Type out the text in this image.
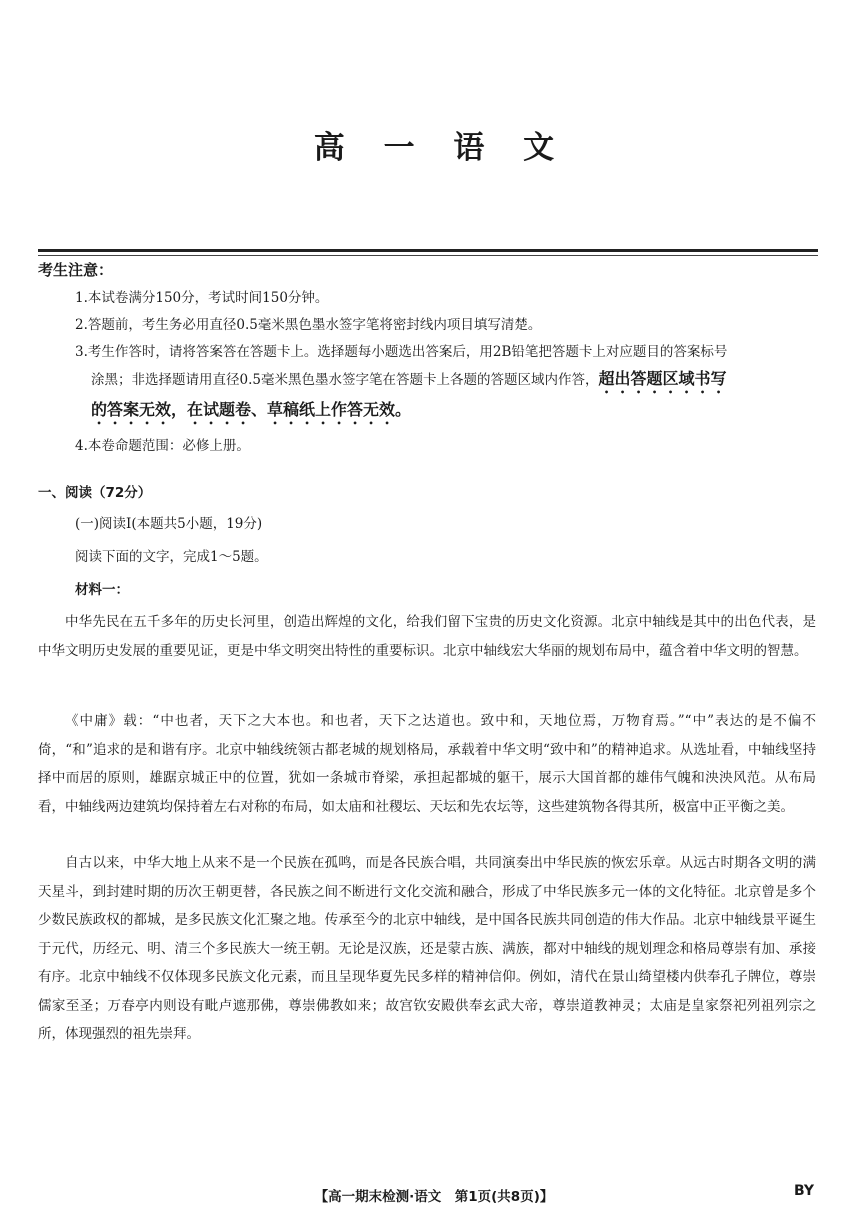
高 一 语 文
考生注意：
1.本试卷满分150分，考试时间150分钟。
2.答题前，考生务必用直径0.5毫米黑色墨水签字笔将密封线内项目填写清楚。
3.考生作答时，请将答案答在答题卡上。选择题每小题选出答案后，用2B铅笔把答题卡上对应题目的答案标号
涂黑；非选择题请用直径0.5毫米黑色墨水签字笔在答题卡上各题的答题区域内作答，超出答题区域书写
的答案无效，在试题卷、草稿纸上作答无效。
4.本卷命题范围：必修上册。
一、阅读（72分）
(一)阅读Ⅰ(本题共5小题，19分)
阅读下面的文字，完成1～5题。
材料一：

中华先民在五千多年的历史长河里，创造出辉煌的文化，给我们留下宝贵的历史文化资源。北京中轴线是其中的出色代表，是中华文明历史发展的重要见证，更是中华文明突出特性的重要标识。北京中轴线宏大华丽的规划布局中，蕴含着中华文明的智慧。

《中庸》载：“中也者，天下之大本也。和也者，天下之达道也。致中和，天地位焉，万物育焉。”“中”表达的是不偏不倚，“和”追求的是和谐有序。北京中轴线统领古都老城的规划格局，承载着中华文明“致中和”的精神追求。从选址看，中轴线坚持择中而居的原则，雄踞京城正中的位置，犹如一条城市脊梁，承担起都城的躯干，展示大国首都的雄伟气魄和泱泱风范。从布局看，中轴线两边建筑均保持着左右对称的布局，如太庙和社稷坛、天坛和先农坛等，这些建筑物各得其所，极富中正平衡之美。

自古以来，中华大地上从来不是一个民族在孤鸣，而是各民族合唱，共同演奏出中华民族的恢宏乐章。从远古时期各文明的满天星斗，到封建时期的历次王朝更替，各民族之间不断进行文化交流和融合，形成了中华民族多元一体的文化特征。北京曾是多个少数民族政权的都城，是多民族文化汇聚之地。传承至今的北京中轴线，是中国各民族共同创造的伟大作品。北京中轴线景平诞生于元代，历经元、明、清三个多民族大一统王朝。无论是汉族，还是蒙古族、满族，都对中轴线的规划理念和格局尊崇有加、承接有序。北京中轴线不仅体现多民族文化元素，而且呈现华夏先民多样的精神信仰。例如，清代在景山绮望楼内供奉孔子牌位，尊崇儒家至圣；万春亭内则设有毗卢遮那佛，尊崇佛教如来；故宫钦安殿供奉玄武大帝，尊崇道教神灵；太庙是皇家祭祀列祖列宗之所，体现强烈的祖先崇拜。

【高一期末检测·语文　第1页(共8页)】	BY
